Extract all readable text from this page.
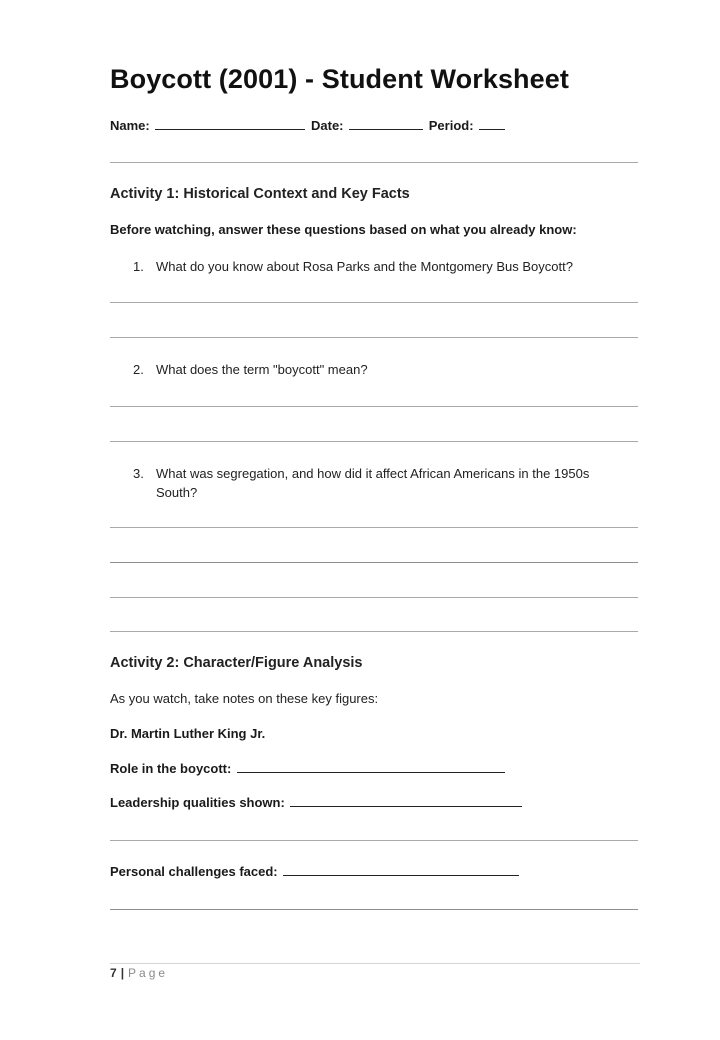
Boycott (2001) - Student Worksheet
Name:	Date:	Period:
Activity 1: Historical Context and Key Facts
Before watching, answer these questions based on what you already know:
1. What do you know about Rosa Parks and the Montgomery Bus Boycott?
2. What does the term "boycott" mean?
3. What was segregation, and how did it affect African Americans in the 1950s South?
Activity 2: Character/Figure Analysis
As you watch, take notes on these key figures:
Dr. Martin Luther King Jr.
Role in the boycott:
Leadership qualities shown:
Personal challenges faced:
7 | Page
